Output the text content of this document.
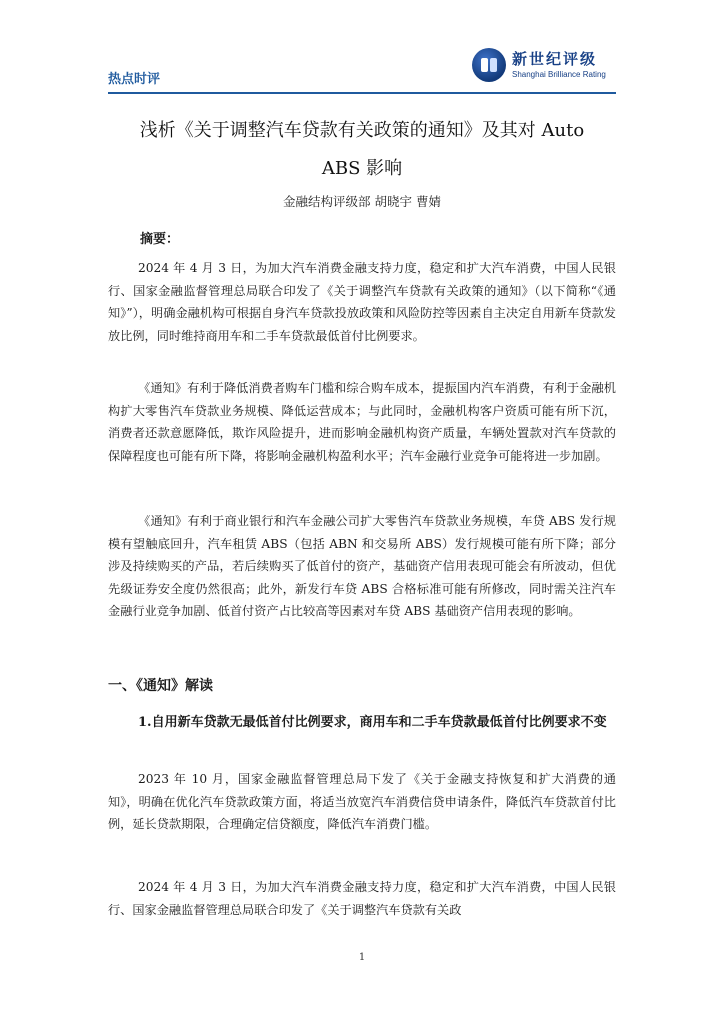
热点时评
新世纪评级
Shanghai Brilliance Rating
浅析《关于调整汽车贷款有关政策的通知》及其对 Auto
ABS 影响
金融结构评级部 胡晓宇 曹婧
摘要：

2024 年 4 月 3 日，为加大汽车消费金融支持力度，稳定和扩大汽车消费，中国人民银行、国家金融监督管理总局联合印发了《关于调整汽车贷款有关政策的通知》（以下简称“《通知》”），明确金融机构可根据自身汽车贷款投放政策和风险防控等因素自主决定自用新车贷款发放比例，同时维持商用车和二手车贷款最低首付比例要求。

《通知》有利于降低消费者购车门槛和综合购车成本，提振国内汽车消费，有利于金融机构扩大零售汽车贷款业务规模、降低运营成本；与此同时，金融机构客户资质可能有所下沉，消费者还款意愿降低，欺诈风险提升，进而影响金融机构资产质量，车辆处置款对汽车贷款的保障程度也可能有所下降，将影响金融机构盈利水平；汽车金融行业竞争可能将进一步加剧。

《通知》有利于商业银行和汽车金融公司扩大零售汽车贷款业务规模，车贷 ABS 发行规模有望触底回升，汽车租赁 ABS（包括 ABN 和交易所 ABS）发行规模可能有所下降；部分涉及持续购买的产品，若后续购买了低首付的资产，基础资产信用表现可能会有所波动，但优先级证券安全度仍然很高；此外，新发行车贷 ABS 合格标准可能有所修改，同时需关注汽车金融行业竞争加剧、低首付资产占比较高等因素对车贷 ABS 基础资产信用表现的影响。

一、《通知》解读

1.自用新车贷款无最低首付比例要求，商用车和二手车贷款最低首付比例要求不变

2023 年 10 月，国家金融监督管理总局下发了《关于金融支持恢复和扩大消费的通知》，明确在优化汽车贷款政策方面，将适当放宽汽车消费信贷申请条件，降低汽车贷款首付比例，延长贷款期限，合理确定信贷额度，降低汽车消费门槛。

2024 年 4 月 3 日，为加大汽车消费金融支持力度，稳定和扩大汽车消费，中国人民银行、国家金融监督管理总局联合印发了《关于调整汽车贷款有关政

1
